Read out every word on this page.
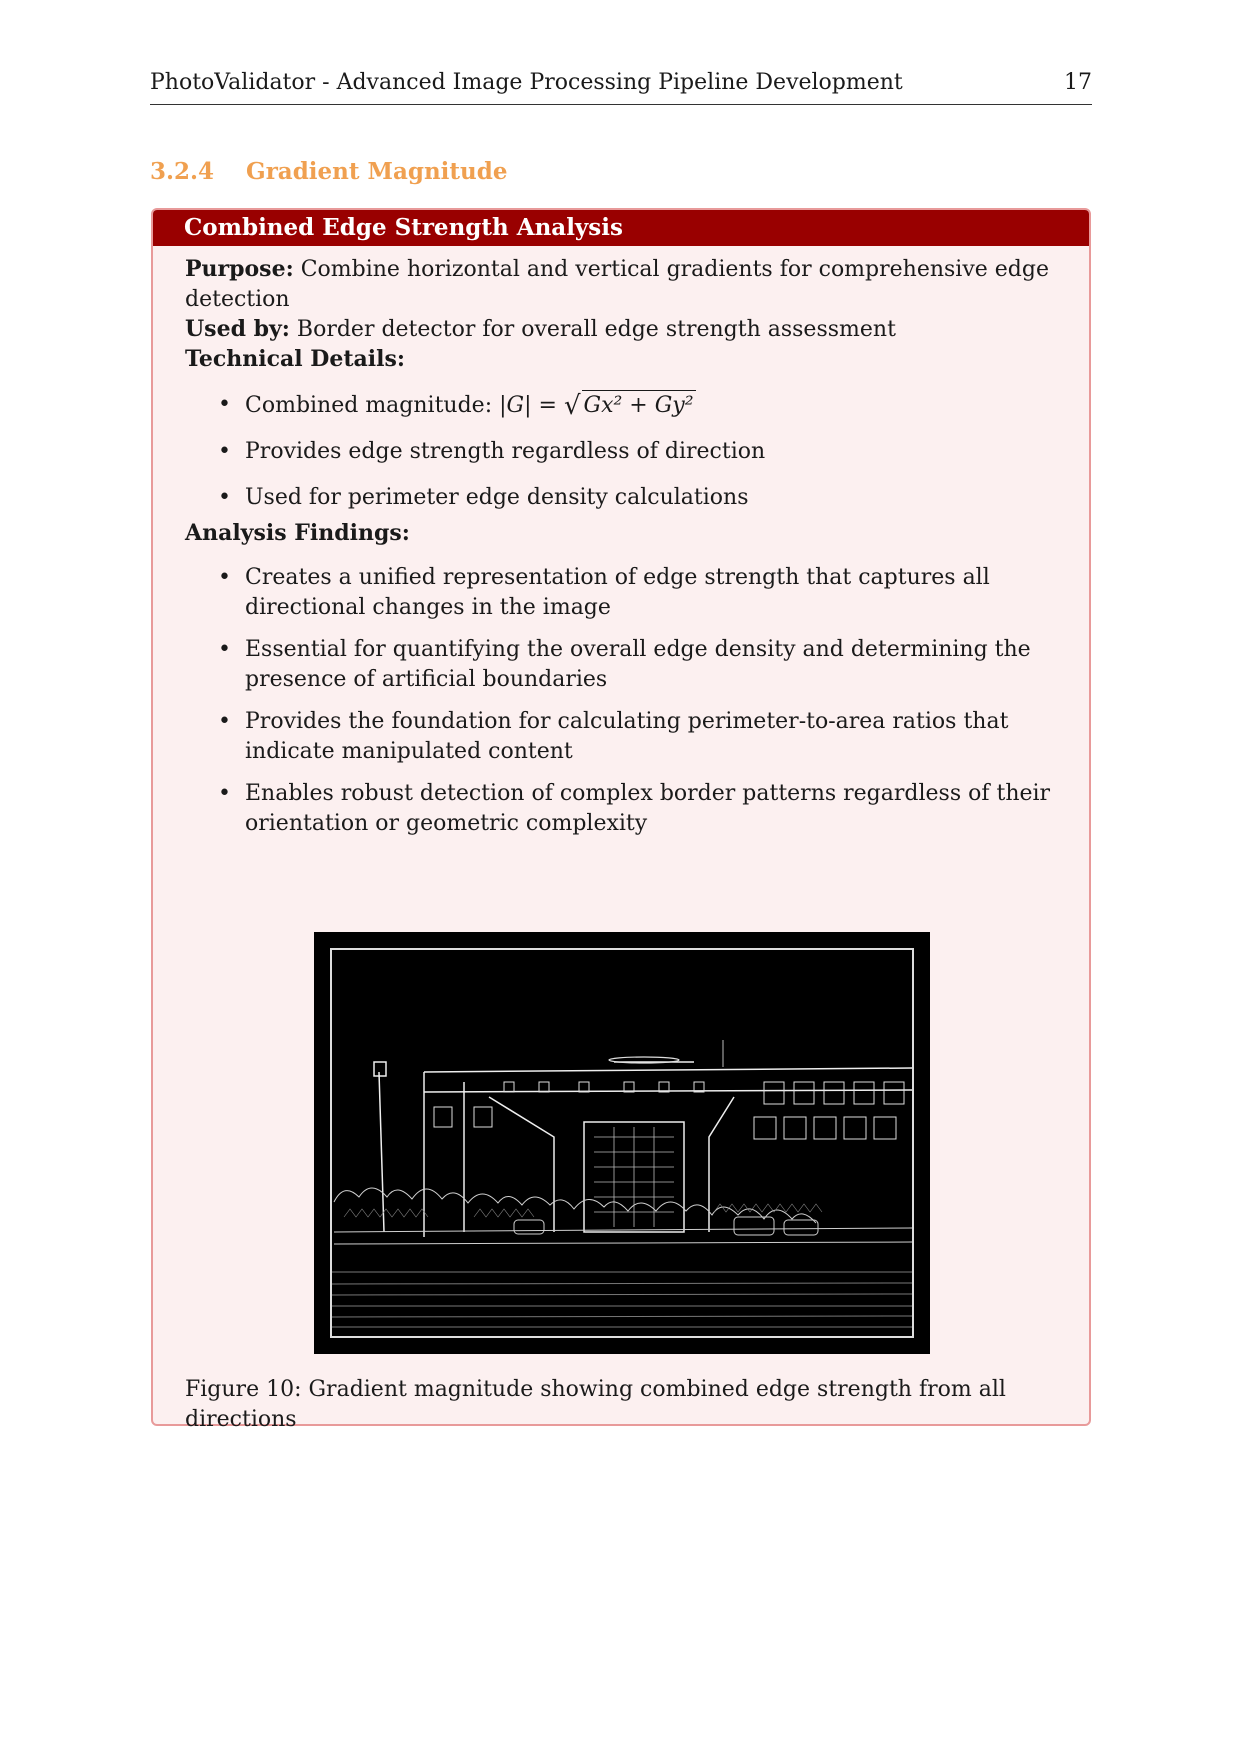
PhotoValidator - Advanced Image Processing Pipeline Development	17
3.2.4 Gradient Magnitude
Combined Edge Strength Analysis
Purpose: Combine horizontal and vertical gradients for comprehensive edge detection
Used by: Border detector for overall edge strength assessment
Technical Details:
• Combined magnitude: |G| = √ Gx² + Gy²
• Provides edge strength regardless of direction
• Used for perimeter edge density calculations
Analysis Findings:
• Creates a unified representation of edge strength that captures all directional changes in the image
• Essential for quantifying the overall edge density and determining the presence of artificial boundaries
• Provides the foundation for calculating perimeter-to-area ratios that indicate manipulated content
• Enables robust detection of complex border patterns regardless of their orientation or geometric complexity
Figure 10: Gradient magnitude showing combined edge strength from all directions
